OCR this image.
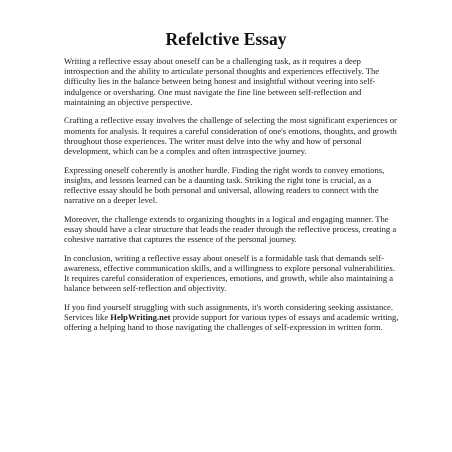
Refelctive Essay

Writing a reflective essay about oneself can be a challenging task, as it requires a deep introspection and the ability to articulate personal thoughts and experiences effectively. The difficulty lies in the balance between being honest and insightful without veering into self-indulgence or oversharing. One must navigate the fine line between self-reflection and maintaining an objective perspective.

Crafting a reflective essay involves the challenge of selecting the most significant experiences or moments for analysis. It requires a careful consideration of one's emotions, thoughts, and growth throughout those experiences. The writer must delve into the why and how of personal development, which can be a complex and often introspective journey.

Expressing oneself coherently is another hurdle. Finding the right words to convey emotions, insights, and lessons learned can be a daunting task. Striking the right tone is crucial, as a reflective essay should be both personal and universal, allowing readers to connect with the narrative on a deeper level.

Moreover, the challenge extends to organizing thoughts in a logical and engaging manner. The essay should have a clear structure that leads the reader through the reflective process, creating a cohesive narrative that captures the essence of the personal journey.

In conclusion, writing a reflective essay about oneself is a formidable task that demands self-awareness, effective communication skills, and a willingness to explore personal vulnerabilities. It requires careful consideration of experiences, emotions, and growth, while also maintaining a balance between self-reflection and objectivity.

If you find yourself struggling with such assignments, it's worth considering seeking assistance. Services like HelpWriting.net provide support for various types of essays and academic writing, offering a helping hand to those navigating the challenges of self-expression in written form.
